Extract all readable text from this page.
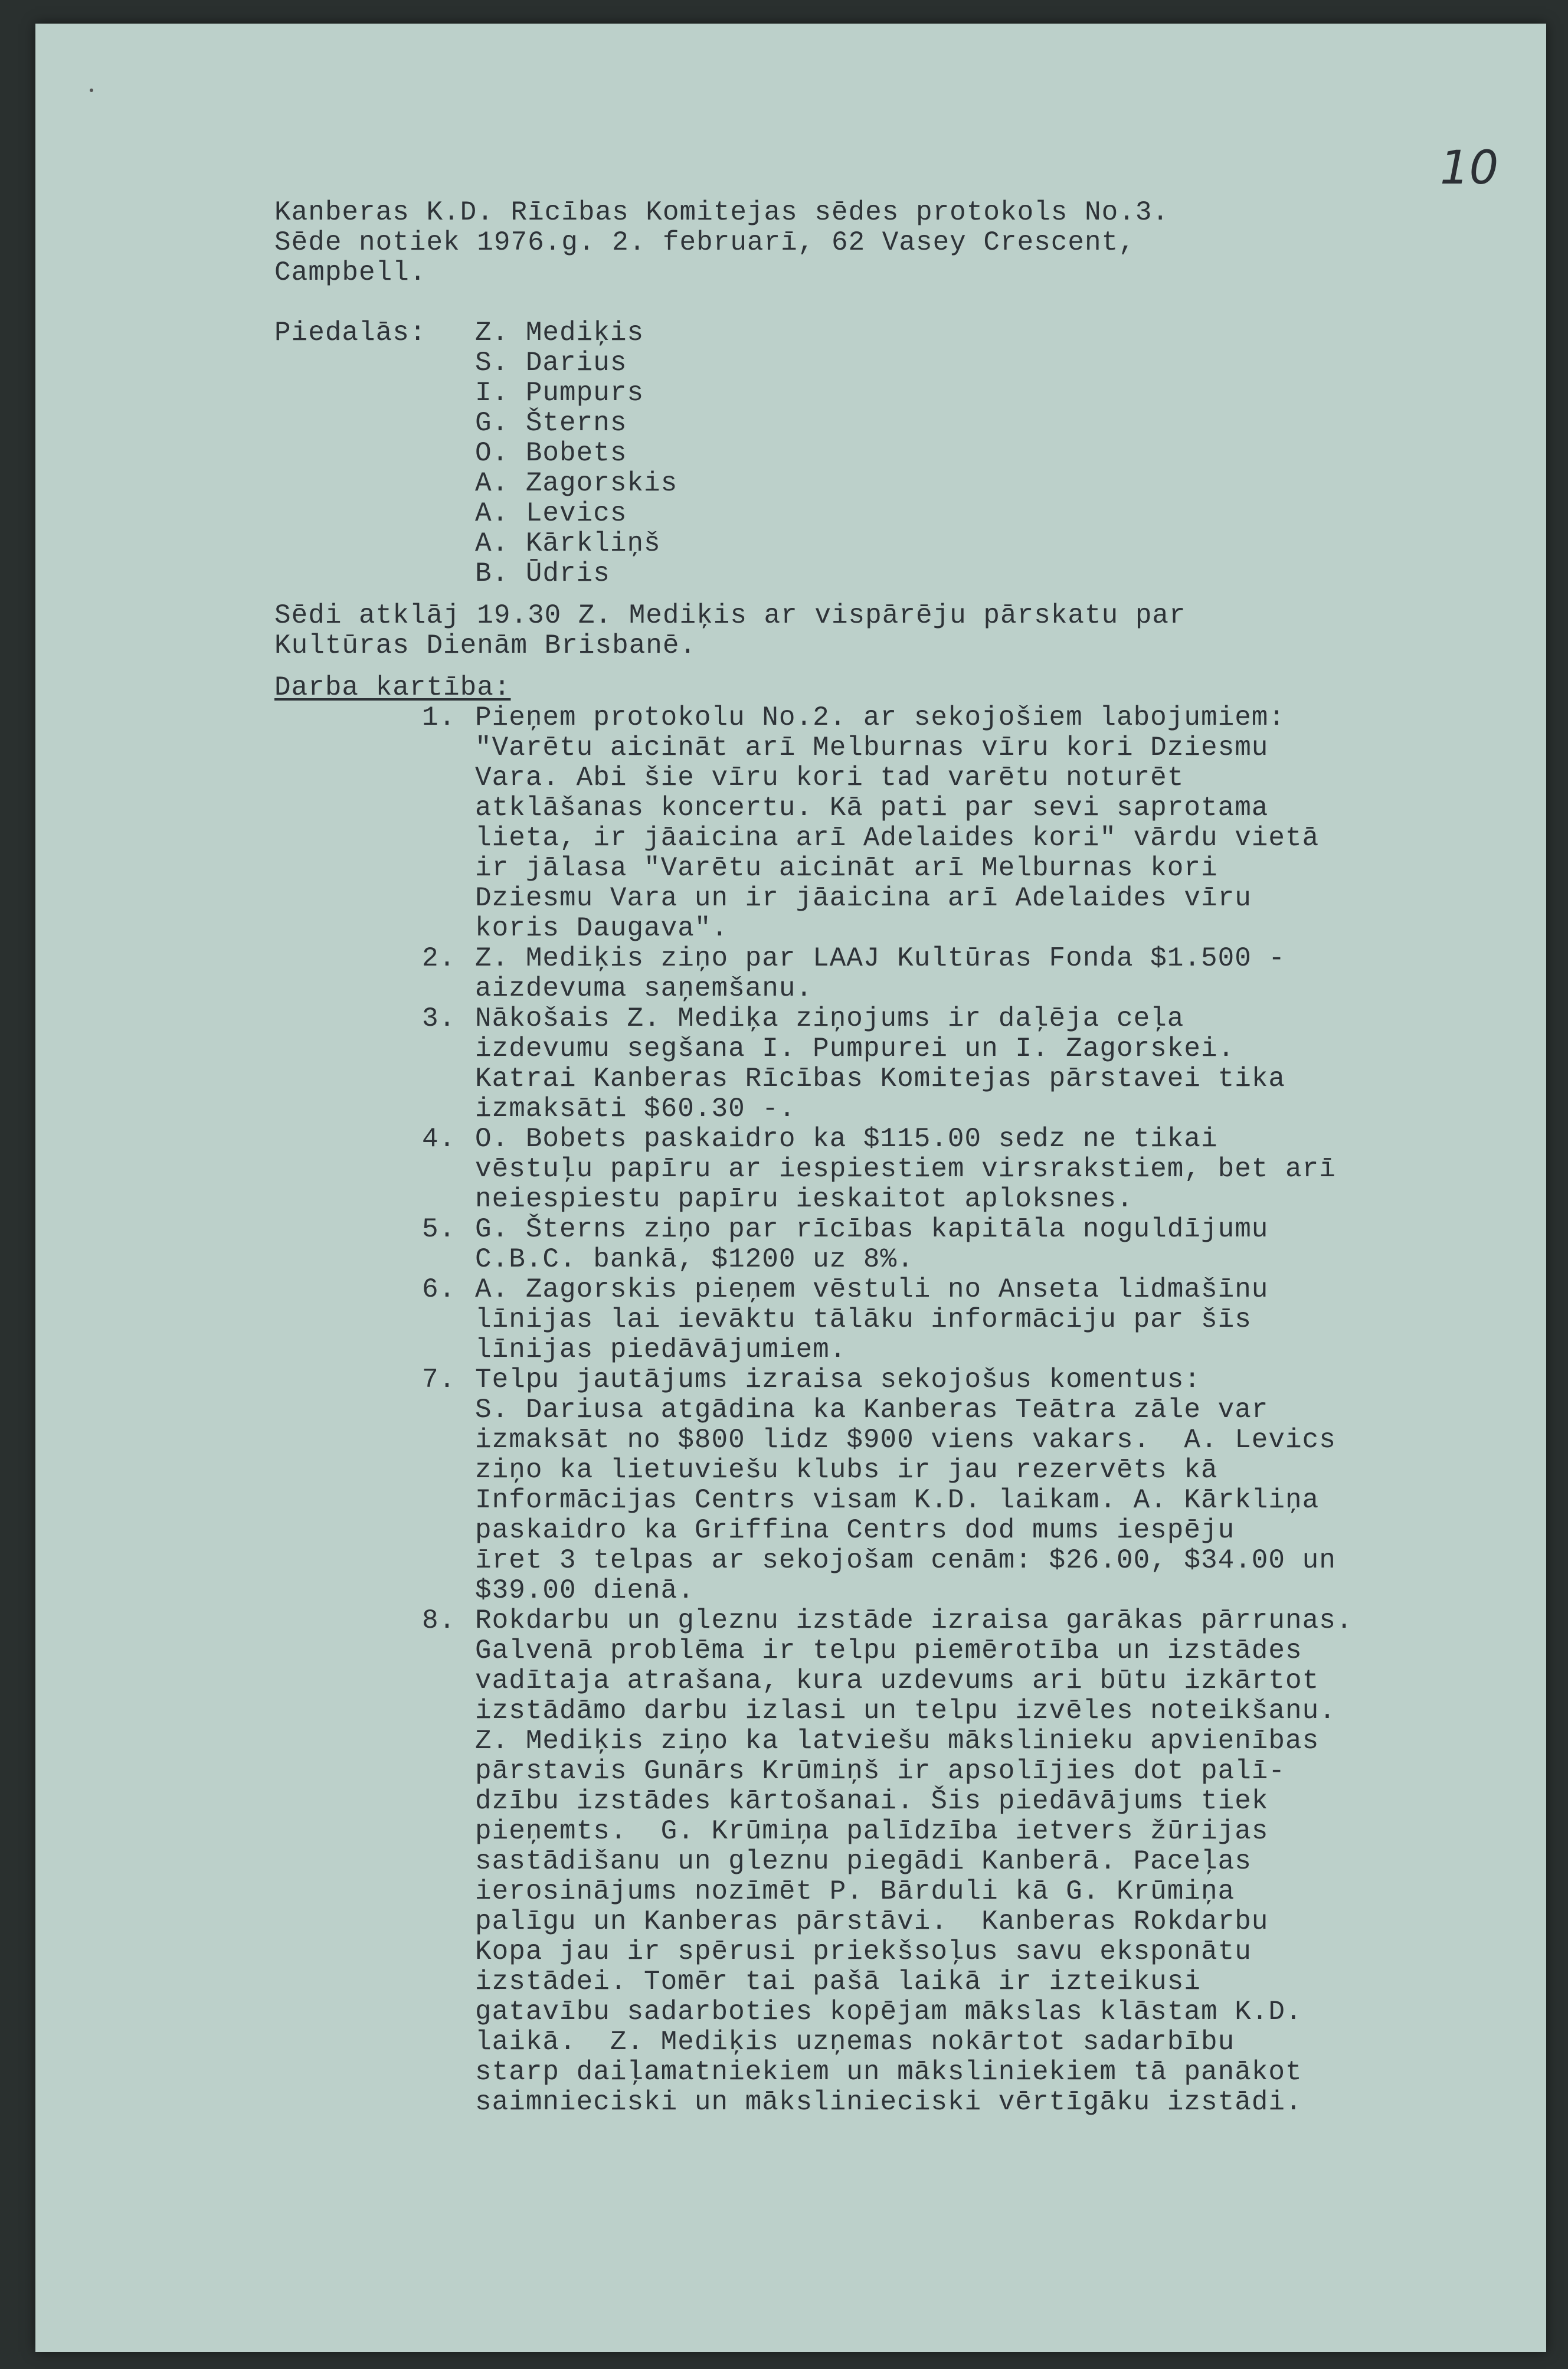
10
Kanberas K.D. Rīcības Komitejas sēdes protokols No.3.
Sēde notiek 1976.g. 2. februarī, 62 Vasey Crescent,
Campbell.
Piedalās:	Z. Mediķis
S. Darius
I. Pumpurs
G. Šterns
O. Bobets
A. Zagorskis
A. Levics
A. Kārkliņš
B. Ūdris
Sēdi atklāj 19.30 Z. Mediķis ar vispārēju pārskatu par
Kultūras Dienām Brisbanē.
Darba kartība:
1. Pieņem protokolu No.2. ar sekojošiem labojumiem:
"Varētu aicināt arī Melburnas vīru kori Dziesmu
Vara. Abi šie vīru kori tad varētu noturēt
atklāšanas koncertu. Kā pati par sevi saprotama
lieta, ir jāaicina arī Adelaides kori" vārdu vietā
ir jālasa "Varētu aicināt arī Melburnas kori
Dziesmu Vara un ir jāaicina arī Adelaides vīru
koris Daugava".
2. Z. Mediķis ziņo par LAAJ Kultūras Fonda $1.500 -
aizdevuma saņemšanu.
3. Nākošais Z. Mediķa ziņojums ir daļēja ceļa
izdevumu segšana I. Pumpurei un I. Zagorskei.
Katrai Kanberas Rīcības Komitejas pārstavei tika
izmaksāti $60.30 -.
4. O. Bobets paskaidro ka $115.00 sedz ne tikai
vēstuļu papīru ar iespiestiem virsrakstiem, bet arī
neiespiestu papīru ieskaitot aploksnes.
5. G. Šterns ziņo par rīcības kapitāla noguldījumu
C.B.C. bankā, $1200 uz 8%.
6. A. Zagorskis pieņem vēstuli no Anseta lidmašīnu
līnijas lai ievāktu tālāku informāciju par šīs
līnijas piedāvājumiem.
7. Telpu jautājums izraisa sekojošus komentus:
S. Dariusa atgādina ka Kanberas Teātra zāle var
izmaksāt no $800 lidz $900 viens vakars.  A. Levics
ziņo ka lietuviešu klubs ir jau rezervēts kā
Informācijas Centrs visam K.D. laikam. A. Kārkliņa
paskaidro ka Griffina Centrs dod mums iespēju
īret 3 telpas ar sekojošam cenām: $26.00, $34.00 un
$39.00 dienā.
8. Rokdarbu un gleznu izstāde izraisa garākas pārrunas.
Galvenā problēma ir telpu piemērotība un izstādes
vadītaja atrašana, kura uzdevums ari būtu izkārtot
izstādāmo darbu izlasi un telpu izvēles noteikšanu.
Z. Mediķis ziņo ka latviešu mākslinieku apvienības
pārstavis Gunārs Krūmiņš ir apsolījies dot palī-
dzību izstādes kārtošanai. Šis piedāvājums tiek
pieņemts.  G. Krūmiņa palīdzība ietvers žūrijas
sastādišanu un gleznu piegādi Kanberā. Paceļas
ierosinājums nozīmēt P. Bārduli kā G. Krūmiņa
palīgu un Kanberas pārstāvi.  Kanberas Rokdarbu
Kopa jau ir spērusi priekšsoļus savu eksponātu
izstādei. Tomēr tai pašā laikā ir izteikusi
gatavību sadarboties kopējam mākslas klāstam K.D.
laikā.  Z. Mediķis uzņemas nokārtot sadarbību
starp daiļamatniekiem un māksliniekiem tā panākot
saimnieciski un mākslinieciski vērtīgāku izstādi.
